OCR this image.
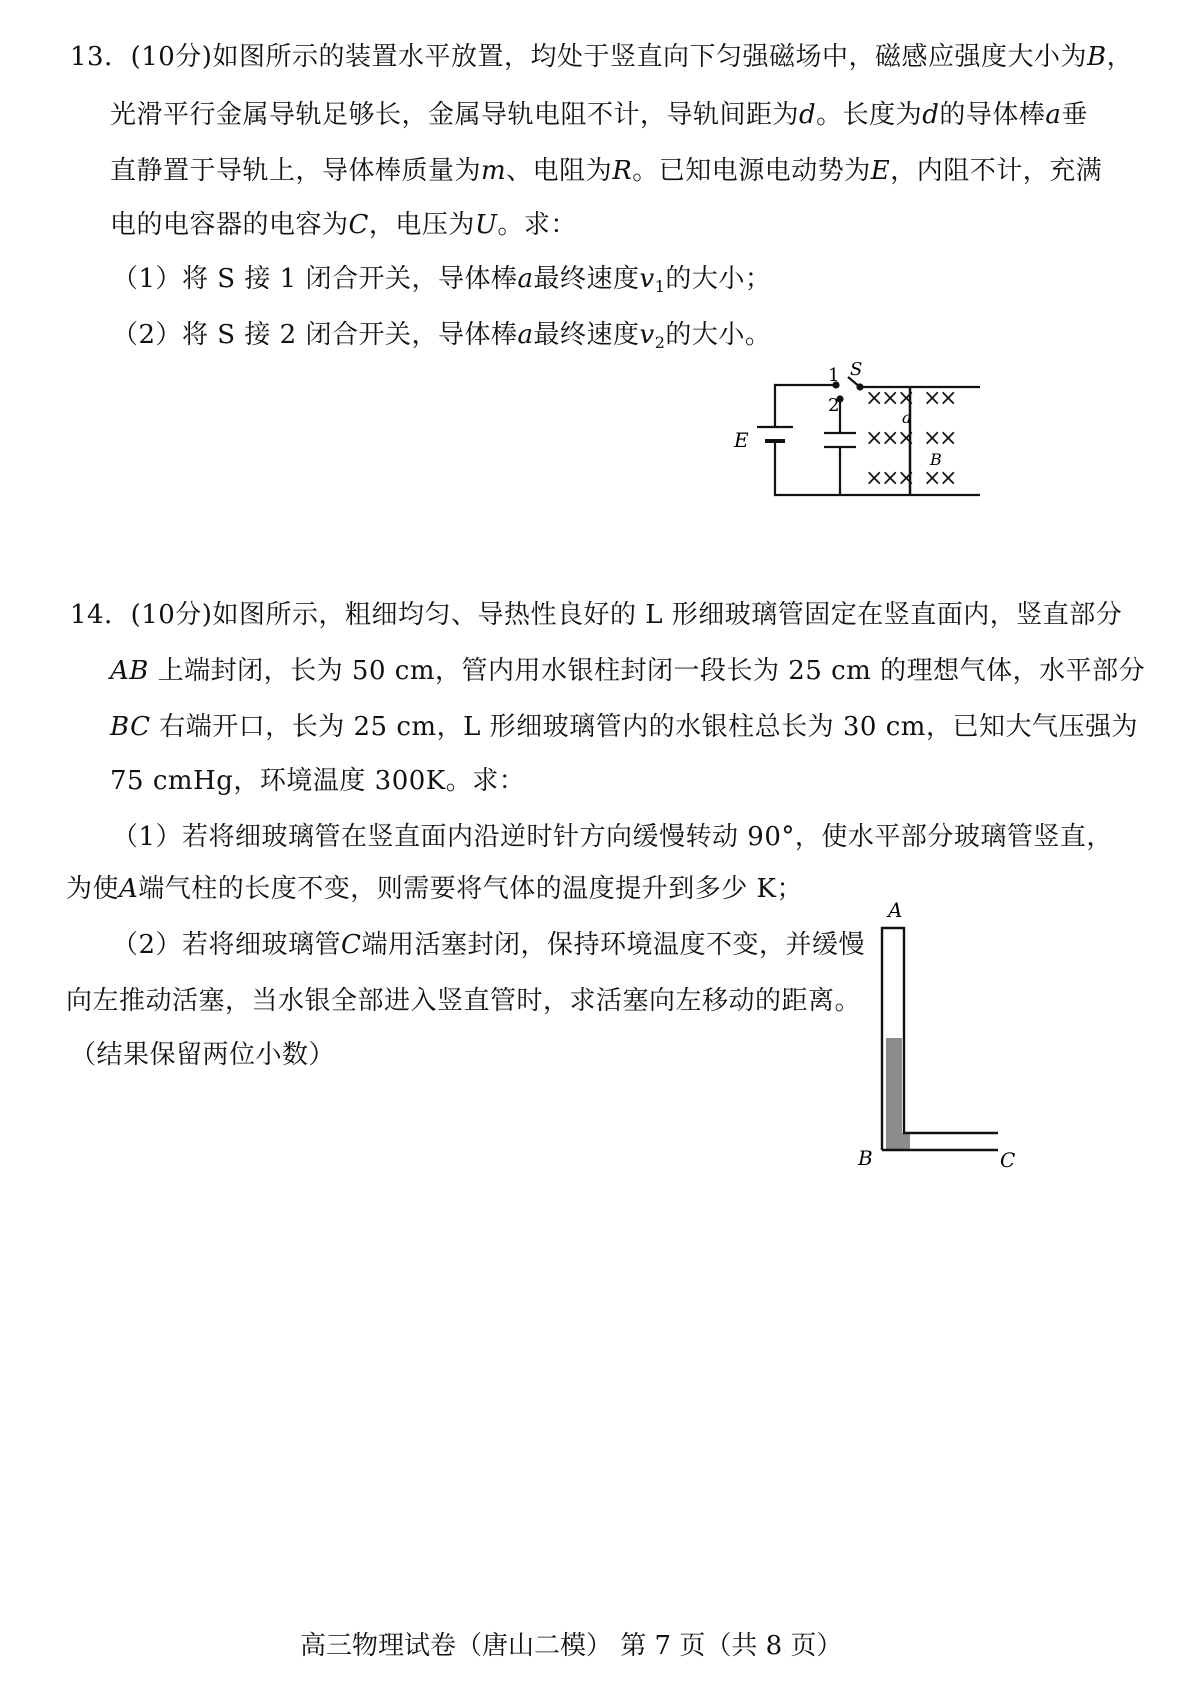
13．(10分)如图所示的装置水平放置，均处于竖直向下匀强磁场中，磁感应强度大小为B，
光滑平行金属导轨足够长，金属导轨电阻不计，导轨间距为d。长度为d的导体棒a垂
直静置于导轨上，导体棒质量为m、电阻为R。已知电源电动势为E，内阻不计，充满
电的电容器的电容为C，电压为U。求：
（1）将 S 接 1 闭合开关，导体棒a最终速度$v_1$的大小；
（2）将 S 接 2 闭合开关，导体棒a最终速度$v_2$的大小。
1 S
2
E
a
B
×
×
× ×
×
×
×
× ×
×
×
×
× ×
×
14．(10分)如图所示，粗细均匀、导热性良好的 L 形细玻璃管固定在竖直面内，竖直部分
AB 上端封闭，长为 50 cm，管内用水银柱封闭一段长为 25 cm 的理想气体，水平部分
BC 右端开口，长为 25 cm，L 形细玻璃管内的水银柱总长为 30 cm，已知大气压强为
75 cmHg，环境温度 300K。求：
（1）若将细玻璃管在竖直面内沿逆时针方向缓慢转动 90°，使水平部分玻璃管竖直，
为使A端气柱的长度不变，则需要将气体的温度提升到多少 K；
（2）若将细玻璃管C端用活塞封闭，保持环境温度不变，并缓慢
向左推动活塞，当水银全部进入竖直管时，求活塞向左移动的距离。
（结果保留两位小数）
A
B	C
高三物理试卷（唐山二模） 第 7 页（共 8 页）
